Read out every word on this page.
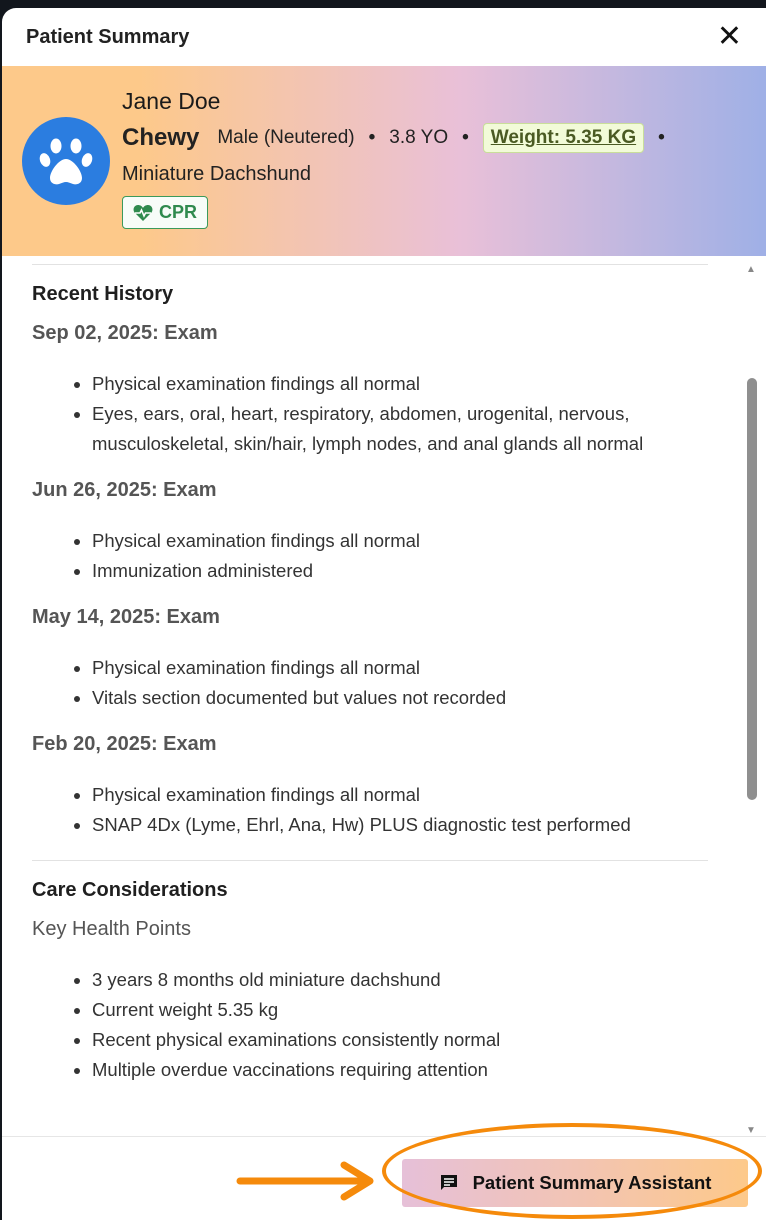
Patient Summary	✕
Jane Doe
Chewy Male (Neutered) • 3.8 YO •	Weight: 5.35 KG	•
Miniature Dachshund
CPR
Recent History
Sep 02, 2025: Exam
• Physical examination findings all normal
• Eyes, ears, oral, heart, respiratory, abdomen, urogenital, nervous, musculoskeletal, skin/hair, lymph nodes, and anal glands all normal
Jun 26, 2025: Exam
• Physical examination findings all normal
• Immunization administered
May 14, 2025: Exam
• Physical examination findings all normal
• Vitals section documented but values not recorded
Feb 20, 2025: Exam
• Physical examination findings all normal
• SNAP 4Dx (Lyme, Ehrl, Ana, Hw) PLUS diagnostic test performed
Care Considerations
Key Health Points
• 3 years 8 months old miniature dachshund
• Current weight 5.35 kg
• Recent physical examinations consistently normal
• Multiple overdue vaccinations requiring attention
▲
▼
Patient Summary Assistant
